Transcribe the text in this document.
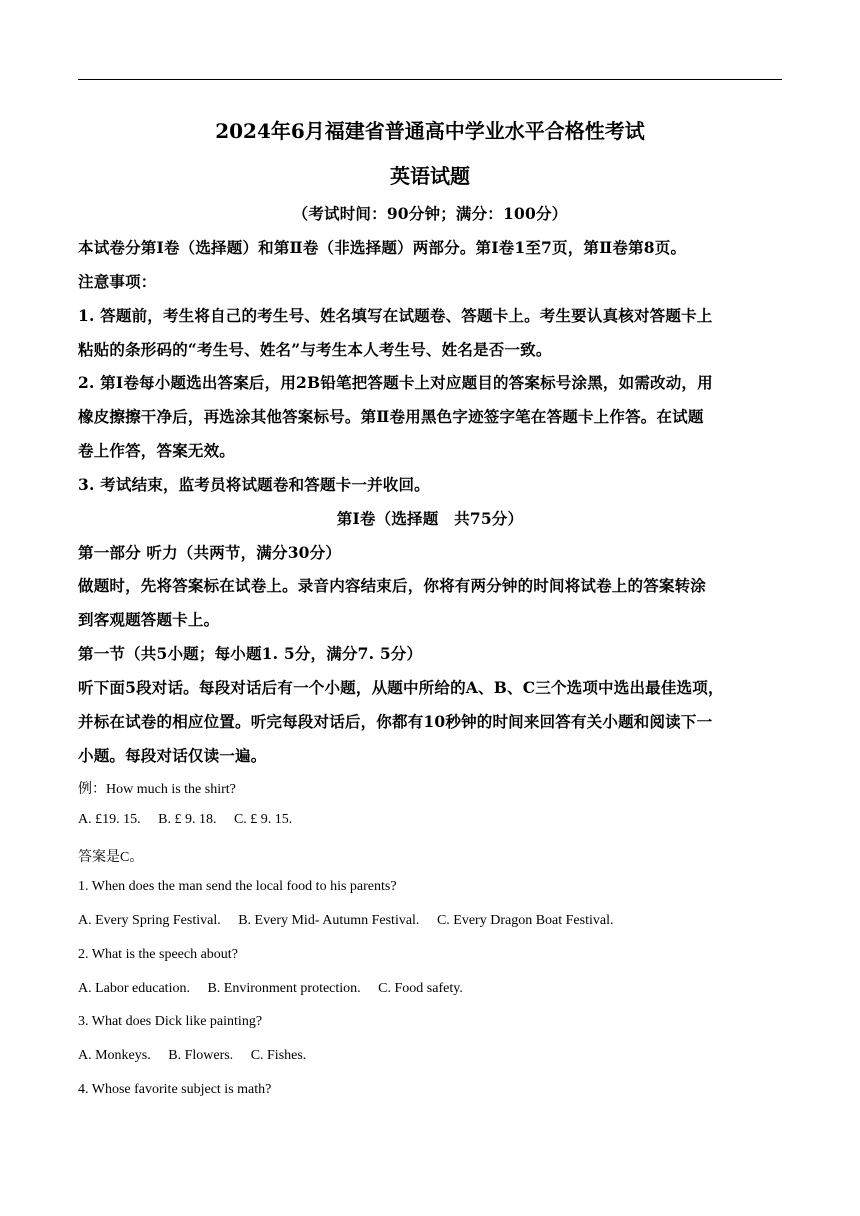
2024年6月福建省普通高中学业水平合格性考试
英语试题
（考试时间：90分钟；满分：100分）
本试卷分第Ⅰ卷（选择题）和第Ⅱ卷（非选择题）两部分。第Ⅰ卷1至7页，第Ⅱ卷第8页。
注意事项：
1. 答题前，考生将自己的考生号、姓名填写在试题卷、答题卡上。考生要认真核对答题卡上
粘贴的条形码的“考生号、姓名”与考生本人考生号、姓名是否一致。
2. 第Ⅰ卷每小题选出答案后，用2B铅笔把答题卡上对应题目的答案标号涂黑，如需改动，用
橡皮擦擦干净后，再选涂其他答案标号。第Ⅱ卷用黑色字迹签字笔在答题卡上作答。在试题
卷上作答，答案无效。
3. 考试结束，监考员将试题卷和答题卡一并收回。
第Ⅰ卷（选择题　共75分）
第一部分 听力（共两节，满分30分）
做题时，先将答案标在试卷上。录音内容结束后，你将有两分钟的时间将试卷上的答案转涂
到客观题答题卡上。
第一节（共5小题；每小题1. 5分，满分7. 5分）
听下面5段对话。每段对话后有一个小题，从题中所给的A、B、C三个选项中选出最佳选项，
并标在试卷的相应位置。听完每段对话后，你都有10秒钟的时间来回答有关小题和阅读下一
小题。每段对话仅读一遍。
例：How much is the shirt?
A. £19. 15. B. £ 9. 18. C. £ 9. 15.
答案是C。
1. When does the man send the local food to his parents?
A. Every Spring Festival. B. Every Mid- Autumn Festival. C. Every Dragon Boat Festival.
2. What is the speech about?
A. Labor education. B. Environment protection. C. Food safety.
3. What does Dick like painting?
A. Monkeys. B. Flowers. C. Fishes.
4. Whose favorite subject is math?
